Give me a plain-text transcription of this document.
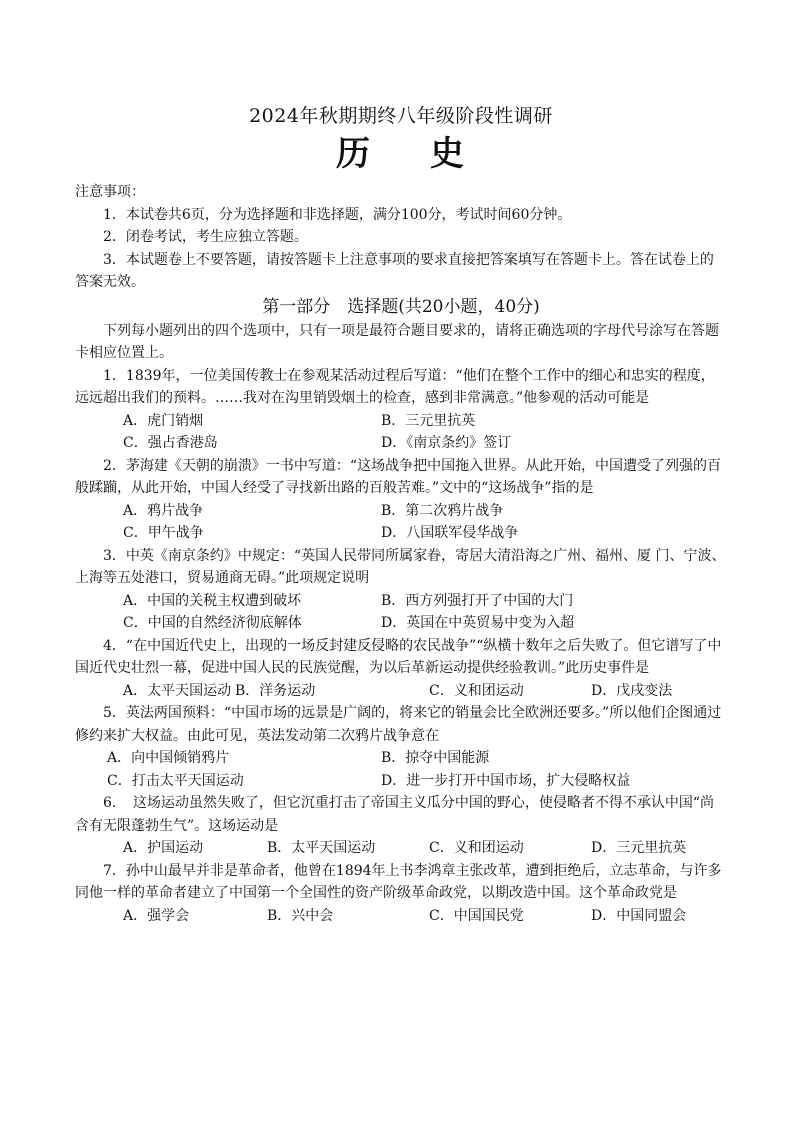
2024年秋期期终八年级阶段性调研
历 史

注意事项：

1．本试卷共6页，分为选择题和非选择题，满分100分，考试时间60分钟。

2．闭卷考试，考生应独立答题。

3．本试题卷上不要答题，请按答题卡上注意事项的要求直接把答案填写在答题卡上。答在试卷上的答案无效。

第一部分　选择题(共20小题，40分)

下列每小题列出的四个选项中，只有一项是最符合题目要求的，请将正确选项的字母代号涂写在答题卡相应位置上。

1．1839年，一位美国传教士在参观某活动过程后写道：“他们在整个工作中的细心和忠实的程度，远远超出我们的预料。……我对在沟里销毁烟土的检查，感到非常满意。”他参观的活动可能是

A．虎门销烟	B．三元里抗英
C．强占香港岛	D．《南京条约》签订

2．茅海建《天朝的崩溃》一书中写道：“这场战争把中国拖入世界。从此开始，中国遭受了列强的百般蹂躏，从此开始，中国人经受了寻找新出路的百般苦难。”文中的“这场战争”指的是

A．鸦片战争	B．第二次鸦片战争
C．甲午战争	D．八国联军侵华战争

3．中英《南京条约》中规定：“英国人民带同所属家眷，寄居大清沿海之广州、福州、厦 门、宁波、上海等五处港口，贸易通商无碍。”此项规定说明

A．中国的关税主权遭到破坏	B．西方列强打开了中国的大门
C．中国的自然经济彻底解体	D．英国在中英贸易中变为入超

4．“在中国近代史上，出现的一场反封建反侵略的农民战争”“纵横十数年之后失败了。但它谱写了中国近代史壮烈一幕，促进中国人民的民族觉醒，为以后革新运动提供经验教训。”此历史事件是

A．太平天国运动 B．洋务运动	C．义和团运动	D．戊戌变法

5．英法两国预料：“中国市场的远景是广阔的，将来它的销量会比全欧洲还要多。”所以他们企图通过修约来扩大权益。由此可见，英法发动第二次鸦片战争意在

A．向中国倾销鸦片	B．掠夺中国能源
C．打击太平天国运动	D．进一步打开中国市场，扩大侵略权益

6．　这场运动虽然失败了，但它沉重打击了帝国主义瓜分中国的野心，使侵略者不得不承认中国“尚含有无限蓬勃生气”。这场运动是

A．护国运动	B．太平天国运动	C．义和团运动	D．三元里抗英

7．孙中山最早并非是革命者，他曾在1894年上书李鸿章主张改革，遭到拒绝后，立志革命，与许多同他一样的革命者建立了中国第一个全国性的资产阶级革命政党，以期改造中国。这个革命政党是

A．强学会	B．兴中会	C．中国国民党	D．中国同盟会
